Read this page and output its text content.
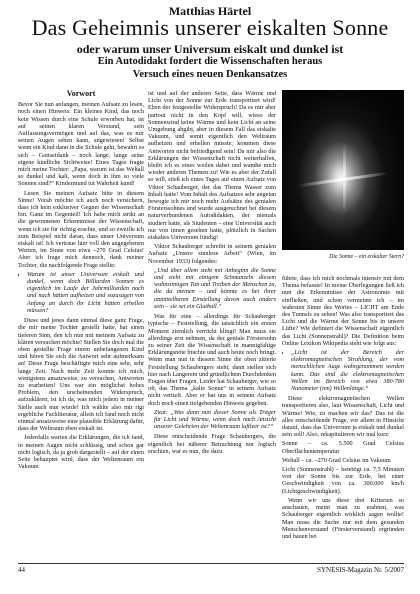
Matthias Härtel
Das Geheimnis unserer eiskalten Sonne
oder warum unser Universum eiskalt und dunkel ist
Ein Autodidakt fordert die Wissenschaften heraus
Versuch eines neuen Denkansatzes
Vorwort

Bevor Sie nun anfangen, meinen Aufsatz zu lesen, noch einen Hinweis: Ein kleines Kind, das noch kein Wissen durch eine Schule erworben hat, ist auf seinen klaren Verstand, sein Auffassungsvermögen und auf das, was es mir seinen Augen sehen kann, angewiesen! Selbst wenn ein Kind dann in die Schule geht, bewahrt es sich – Gottseidank – noch lange, lange seine eigene kindliche Sichtweise! Eines Tages fragte mich meine Tochter: „Papa, warum ist das Weltall so dunkel und kalt, wenn doch in ihm so viele Sonnen sind?“ Kindermund tut Wahrheit kund!

Lesen Sie meinen Aufsatz bitte in diesem Sinne! Vorab möchte ich auch noch versichern, dass ich kein exklusiver Gegner der Wissenschaft bin. Ganz im Gegenteil! Ich habe mich strikt an die gewonnenen Erkenntnisse der Wissenschaft, wenn ich sie für richtig erachte, und so zweifle ich zum Beispiel nicht daran, dass unser Universum eiskalt ist! Ich vertraue hier voll den angegebenen Werten, im Sinne von etwa –270 Grad Celsius! Aber ich frage mich dennoch, dank meiner Tochter, die nachfolgende Frage stellte:

• Warum ist unser Universum eiskalt und dunkel, wenn doch Billiarden Sonnen es eigentlich im Laufe der Jahrmilliarden nach und nach hätten aufheizen und sozusagen von Anfang an durch ihr Licht hätten erhellen müssen?

Diese und jenes dann einmal diese ganz Frage, die mir meine Tochter gestellt hatte, hat einen tieferen Sinn, den ich nun mit meinem Aufsatz zu klären versuchen möchte! Stellen Sie doch mal die oben gestellte Frage einem unbefangenen Kind und hören Sie sich die Antwort sehr aufmerksam an! Diese Frage beschäftigte mich eine sehr, sehr lange Zeit. Nach mehr Zeit konnte ich mich, wenigstens ansatzweise, zu versuchen, Antworten zu erarbeiten! Uns war ein möglichst hohes Problem, den urscheinenden Widerspruch, aufzuklären, ist ich da, was mich jedem in meiner Stelle auch nun würde! Ich wählte also mir rigi ergebliche Fachliteratur, allein ich fand noch nicht einmal ansatzweise eine plausible Erklärung dafür, dass der Weltraum eben eiskalt ist.

Jedenfalls warten die Erklärungen, die ich fand, in meinen Augen nicht schlüssig, und schon gar nicht logisch, da ja grob dargestellt – auf der einen Seite behauptet wird, dass der Weltenraum ein Vakuum

ist und auf der anderen Seite, dass Wärme und Licht von der Sonne zur Erde transportiert wird! Eben der festgestellte Widerspruch! Da es mir aber partout nicht in den Kopf will, wieso der Sonnenwind keine Wärme und kein Licht an seine Umgebung abgibt, aber in diesem Fall das eiskalte Vakuum, und somit eigentlich den Weltraum aufheizen und erhellen müsste, kommen diese Antworten nicht befriedigend sein! Da mir also die Erklärungen der Wissenschaft nicht weiterhalfen, bleibt ich es eines weilen dabei und wandte mich wieder anderen Themen zu! Wie es aber der Zufall so will, stieß ich eines Tages auf einen Aufsatz von Viktor Schauberger, der das Thema Wasser zum Inhalt hatte! Vom Inhalt des Aufsatzes sehr angetan bewogte ich mir noch mehr Aufsätze des genialen Försterssohnes und wurde ausgerechnet bei diesem naturverbundenen Autodidakten, der niemals studiert hatte, als Studenten – eine Universität auch nur von innen gesehen hatte, plötzlich in Sachen eiskaltes Universum fündig!

Viktor Schauberger schreibt in seinem genialen Aufsatz „Unsere sinnlose Arbeit“ (Wien, im November 1933) folgendes:

„Und über allem steht mit Anbeginn die Sonne und sieht mit einigem Schmunzeln diesem wahnsinnigen Tun und Treiben der Menschen zu, die da meinen – und könnte es bei ihrer unmittelbaren Einstellung davon auch anders sein – sie sei ein Glutball.“

Was für eine – allerdings für Schauberger typische – Feststellung, die tatsächlich ein ersten Moment ziemlich verrückt klingt! Man muss sie allerdings erst nehmen, da der geniale Förstersohn zu seiner Zeit die Wissenschaft in mannigfaltige Erklärungsnöte brachte und auch heute noch bringt. Wenn man nun in diesem Sinne die oben zitierte Feststellung Schaubergers sieht, dann stellen sich hier nach Langerem und gründlichem Durchdenken Fragen über Fragen. Leider hat Schauberger, wie so oft, das Thema „kalte Sonne“ in seinem Aufsatz nicht vertieft. Aber er hat uns in seinem Aufsatz doch noch einen tiefgehenden Hinweis gegeben.

Zitat: „Was dann nun dieser Sonne als Träger für Licht und Wärme, wenn doch nach Ansicht unserer Gelehrten der Weltenraum luftleer ist?“

Diese entscheidende Frage Schaubergers, die eigentlich bei näherer Betrachtung nur logisch erschien, war es nun, die dazu

Die Sonne – ein eiskalter Stern?

führte, dass ich mich nochmals intensiv mit dem Thema befasste! In meine Überlegungen ließ ich nun die Erkenntnisse der Astronomie mit einfließen, und schon vermeinte ich – im wahrsten Sinne des Wortes – LICHT am Ende des Tunnels zu sehen! Was also transportiert das Licht und die Wärme der Sonne bis in unsere Lüfte? Wie definiert die Wissenschaft eigentlich das Licht (Sonnenstrahl)? Die Definition beim Online Lexikon Wikipedia sieht wie folgt aus:

• „Licht ist der Bereich der elektromagnetischen Strahlung, der vom menschlichen Auge wahrgenommen werden kann. Das sind die elektromagnetischen Wellen im Bereich von etwa 380-780 Nanometer (nm) Wellenlänge.“

Diese elektromagnetischen Wellen transportieren also, laut Wissenschaft, Licht und Wärme! Wie, zu machen wir das? Das ist die alles entscheidende Frage, vor allem in Hinsicht darauf, dass das Universum ja eiskalt und dunkel sein soll! Also, rekapitulieren wir mal kurz:

Sonne – ca. 5.500 Grad Celsius Oberflächentemperatur

Weltall – ca. –270 Grad Celsius im Vakuum

Licht (Sonnenstrahl) – benötigt ca. 7,5 Minuten von der Sonne bis zur Erde, bei einer Geschwindigkeit von ca. 300.000 km/h (Lichtgeschwindigkeit).

Wenn wir uns diese drei Kriterien so anschauen, meint man zu erahnen, was Schauberger eigentlich wirklich sagen wollte! Man muss die Sache nur mit dem gesunden Menschenverstand (Försterverstand) ergründen und bauen bei

44	SYNESIS-Magazin Nr. 5/2007
